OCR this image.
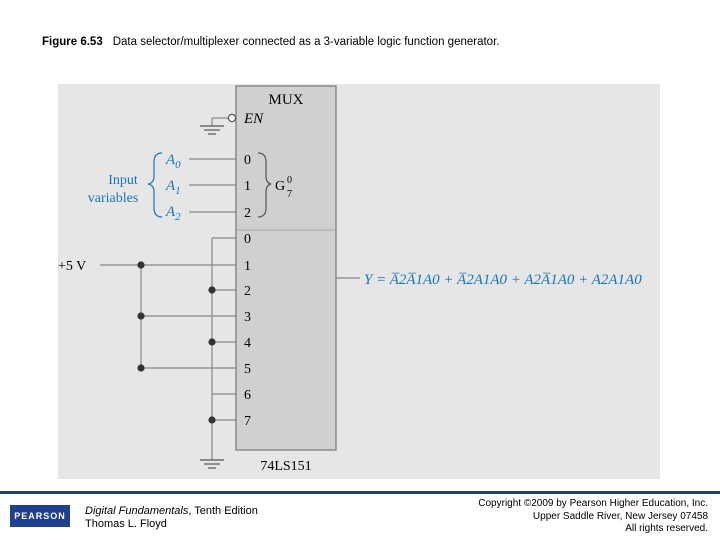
Figure 6.53 Data selector/multiplexer connected as a 3-variable logic function generator.
MUX
EN
74LS151
0
1
2
G 0
7
0
1
2
3
4
5
6
7
Input
variables
$A_0$
$A_1$
$A_2$
+5 V
Y = A̅2A̅1A0 + A̅2A1A0 + A2A̅1A0 + A2A1A0
PEARSON	Digital Fundamentals, Tenth Edition
Thomas L. Floyd
Copyright ©2009 by Pearson Higher Education, Inc.
Upper Saddle River, New Jersey 07458
All rights reserved.
